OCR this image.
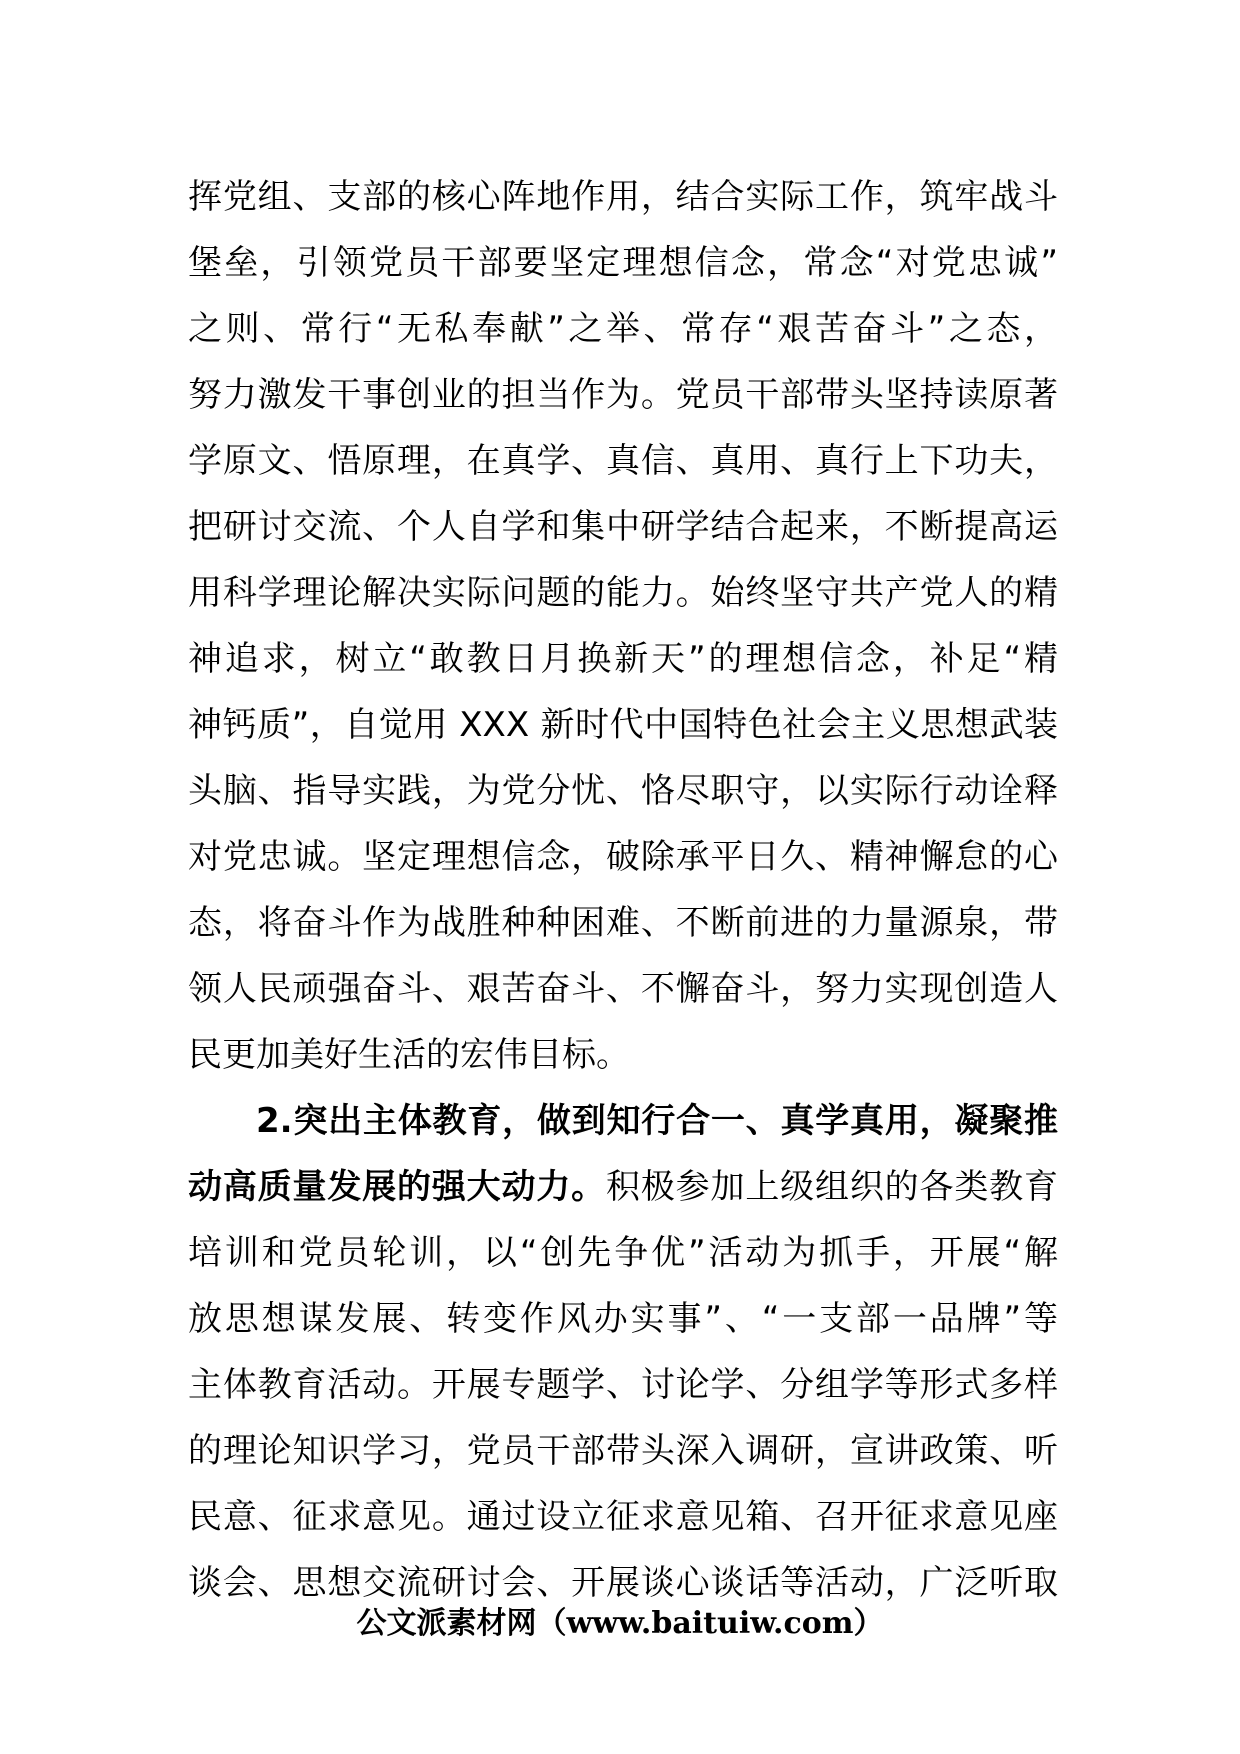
挥党组、支部的核心阵地作用，结合实际工作，筑牢战斗
堡垒，引领党员干部要坚定理想信念，常念“对党忠诚”
之则、常行“无私奉献”之举、常存“艰苦奋斗”之态，
努力激发干事创业的担当作为。党员干部带头坚持读原著
学原文、悟原理，在真学、真信、真用、真行上下功夫，
把研讨交流、个人自学和集中研学结合起来，不断提高运
用科学理论解决实际问题的能力。始终坚守共产党人的精
神追求，树立“敢教日月换新天”的理想信念，补足“精
神钙质”，自觉用 XXX 新时代中国特色社会主义思想武装
头脑、指导实践，为党分忧、恪尽职守，以实际行动诠释
对党忠诚。坚定理想信念，破除承平日久、精神懈怠的心
态，将奋斗作为战胜种种困难、不断前进的力量源泉，带
领人民顽强奋斗、艰苦奋斗、不懈奋斗，努力实现创造人
民更加美好生活的宏伟目标。
2.突出主体教育，做到知行合一、真学真用，凝聚推
动高质量发展的强大动力。积极参加上级组织的各类教育
培训和党员轮训，以“创先争优”活动为抓手，开展“解
放思想谋发展、转变作风办实事”、“一支部一品牌”等
主体教育活动。开展专题学、讨论学、分组学等形式多样
的理论知识学习，党员干部带头深入调研，宣讲政策、听
民意、征求意见。通过设立征求意见箱、召开征求意见座
谈会、思想交流研讨会、开展谈心谈话等活动，广泛听取
公文派素材网（www.baituiw.com）
